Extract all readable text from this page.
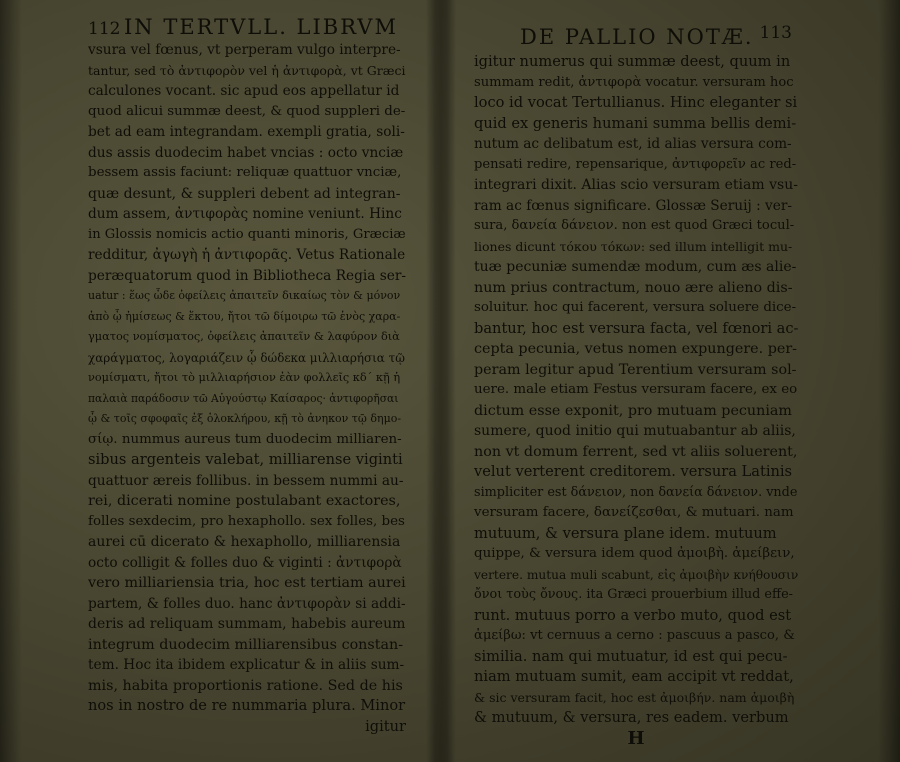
112 IN TERTVLL. LIBRVM
vsura vel fœnus, vt perperam vulgo interpre-
tantur, sed τὸ ἀντιφορὸν vel ἡ ἀντιφορὰ, vt Græci
calculones vocant. sic apud eos appellatur id
quod alicui summæ deest, & quod suppleri de-
bet ad eam integrandam. exempli gratia, soli-
dus assis duodecim habet vncias : octo vnciæ
bessem assis faciunt: reliquæ quattuor vnciæ,
quæ desunt, & suppleri debent ad integran-
dum assem, ἀντιφορὰς nomine veniunt. Hinc
in Glossis nomicis actio quanti minoris, Græciæ
redditur, ἀγωγὴ ἡ ἀντιφορᾶς. Vetus Rationale
peræquatorum quod in Bibliotheca Regia ser-
uatur : ἕως ὧδε ὀφείλεις ἀπαιτεῖν δικαίως τὸν & μόνον
ἀπὸ ᾧ ἡμίσεως & ἕκτου, ἤτοι τῶ δίμοιρω τῶ ἑνὸς χαρα-
γματος νομίσματος, ὀφείλεις ἀπαιτεῖν & λαφύρον διὰ
χαράγματος, λογαριάζειν ᾧ δώδεκα μιλλιαρήσια τῷ
νομίσματι, ἤτοι τὸ μιλλιαρήσιον ἐὰν φολλεῖς κδ΄ κῇ ἡ
παλαιὰ παράδοσιν τῶ Αὐγούστῳ Καίσαρος· ἀντιφορῆσαι
ᾧ & τοῖς σφοφαῖς ἐξ ὁλοκλήρου, κῇ τὸ ἀνηκον τῷ δημο-
σίῳ. nummus aureus tum duodecim milliaren-
sibus argenteis valebat, milliarense viginti
quattuor æreis follibus. in bessem nummi au-
rei, dicerati nomine postulabant exactores,
folles sexdecim, pro hexaphollo. sex folles, bes
aurei cū dicerato & hexaphollo, milliarensia
octo colligit & folles duo & viginti : ἀντιφορὰ
vero milliariensia tria, hoc est tertiam aurei
partem, & folles duo. hanc ἀντιφορὰν si addi-
deris ad reliquam summam, habebis aureum
integrum duodecim milliarensibus constan-
tem. Hoc ita ibidem explicatur & in aliis sum-
mis, habita proportionis ratione. Sed de his
nos in nostro de re nummaria plura. Minor
igitur
DE PALLIO NOTÆ. 113
igitur numerus qui summæ deest, quum in
summam redit, ἀντιφορὰ vocatur. versuram hoc
loco id vocat Tertullianus. Hinc eleganter si
quid ex generis humani summa bellis demi-
nutum ac delibatum est, id alias versura com-
pensati redire, repensarique, ἀντιφορεῖν ac red-
integrari dixit. Alias scio versuram etiam vsu-
ram ac fœnus significare. Glossæ Seruij : ver-
sura, δανεία δάνειον. non est quod Græci tocul-
liones dicunt τόκου τόκων: sed illum intelligit mu-
tuæ pecuniæ sumendæ modum, cum æs alie-
num prius contractum, nouo ære alieno dis-
soluitur. hoc qui facerent, versura soluere dice-
bantur, hoc est versura facta, vel fœnori ac-
cepta pecunia, vetus nomen expungere. per-
peram legitur apud Terentium versuram sol-
uere. male etiam Festus versuram facere, ex eo
dictum esse exponit, pro mutuam pecuniam
sumere, quod initio qui mutuabantur ab aliis,
non vt domum ferrent, sed vt aliis soluerent,
velut verterent creditorem. versura Latinis
simpliciter est δάνειον, non δανεία δάνειον. vnde
versuram facere, δανείζεσθαι, & mutuari. nam
mutuum, & versura plane idem. mutuum
quippe, & versura idem quod ἀμοιβὴ. ἀμείβειν,
vertere. mutua muli scabunt, εἰς ἀμοιβὴν κνήθουσιν
ὄνοι τοὺς ὄνους. ita Græci prouerbium illud effe-
runt. mutuus porro a verbo muto, quod est
ἀμείβω: vt cernuus a cerno : pascuus a pasco, &
similia. nam qui mutuatur, id est qui pecu-
niam mutuam sumit, eam accipit vt reddat,
& sic versuram facit, hoc est ἀμοιβήν. nam ἀμοιβὴ
& mutuum, & versura, res eadem. verbum
H
